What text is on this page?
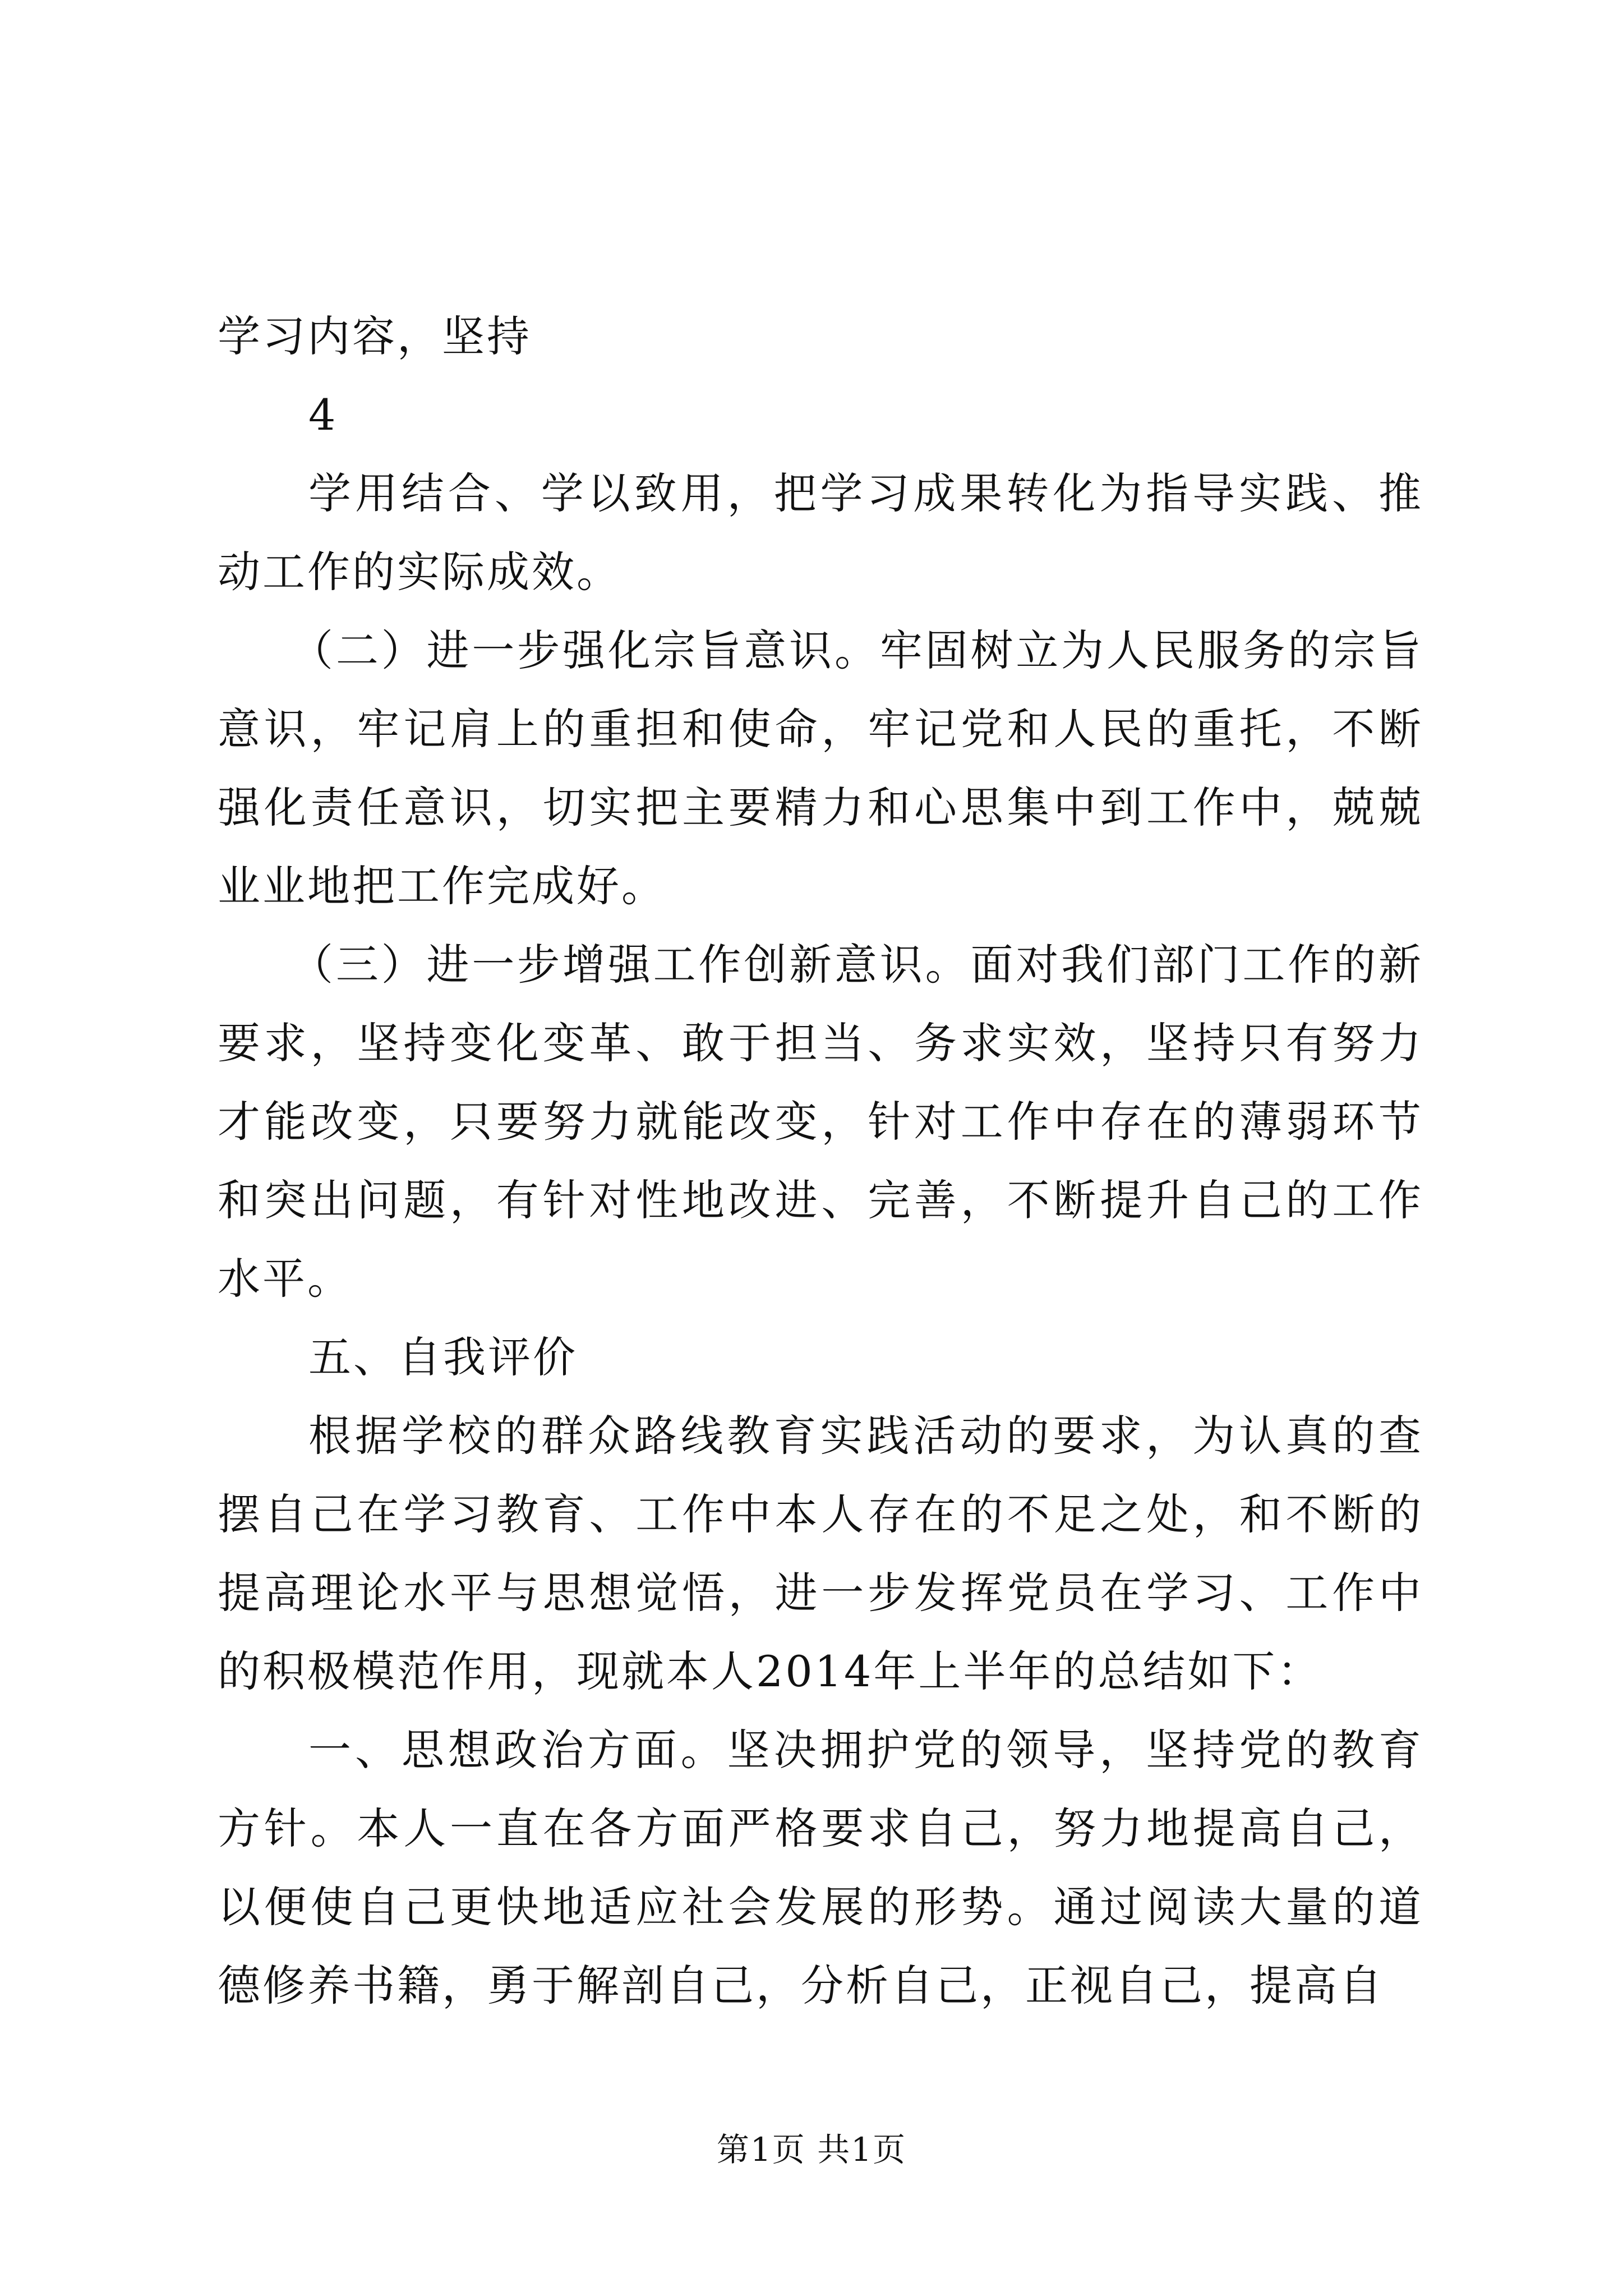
学习内容，坚持

4

学用结合、学以致用，把学习成果转化为指导实践、推动工作的实际成效。

（二）进一步强化宗旨意识。牢固树立为人民服务的宗旨意识，牢记肩上的重担和使命，牢记党和人民的重托，不断强化责任意识，切实把主要精力和心思集中到工作中，兢兢业业地把工作完成好。

（三）进一步增强工作创新意识。面对我们部门工作的新要求，坚持变化变革、敢于担当、务求实效，坚持只有努力才能改变，只要努力就能改变，针对工作中存在的薄弱环节和突出问题，有针对性地改进、完善，不断提升自己的工作水平。

五、自我评价

根据学校的群众路线教育实践活动的要求，为认真的查摆自己在学习教育、工作中本人存在的不足之处，和不断的提高理论水平与思想觉悟，进一步发挥党员在学习、工作中的积极模范作用，现就本人2014年上半年的总结如下：

一、思想政治方面。坚决拥护党的领导，坚持党的教育方针。本人一直在各方面严格要求自己，努力地提高自己，以便使自己更快地适应社会发展的形势。通过阅读大量的道德修养书籍，勇于解剖自己，分析自己，正视自己，提高自

第1页 共1页
